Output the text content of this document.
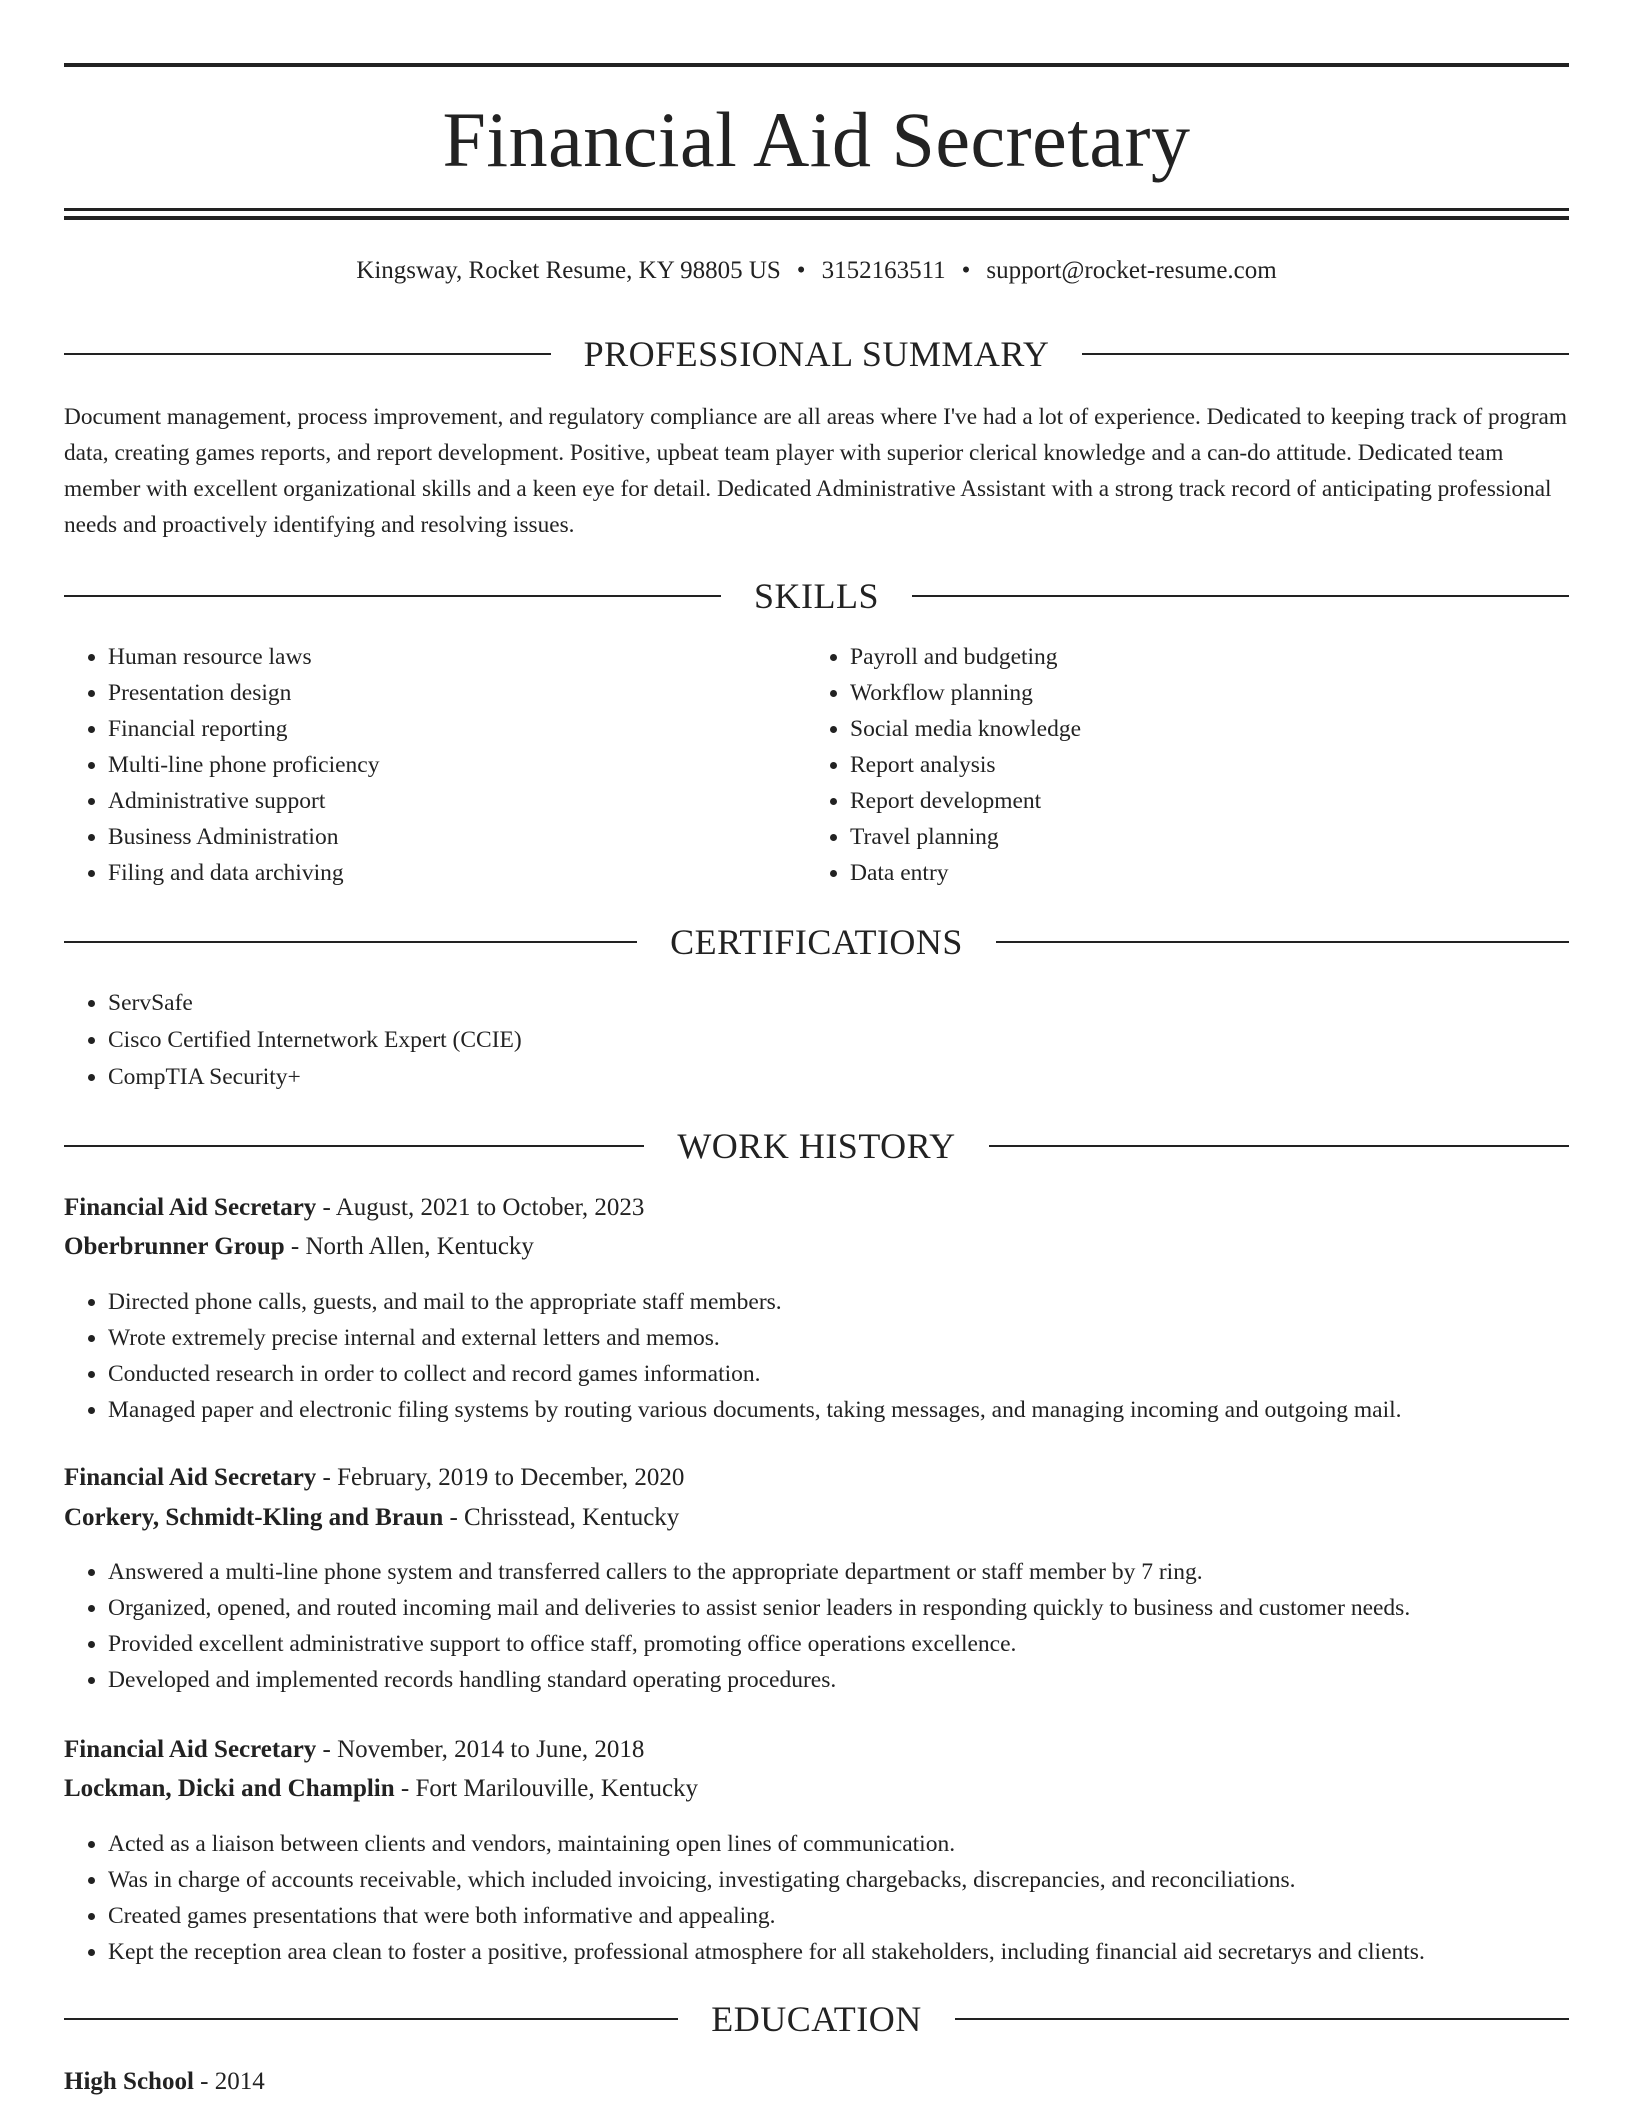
Financial Aid Secretary
Kingsway, Rocket Resume, KY 98805 US • 3152163511 • support@rocket-resume.com
PROFESSIONAL SUMMARY

Document management, process improvement, and regulatory compliance are all areas where I've had a lot of experience. Dedicated to keeping track of program data, creating games reports, and report development. Positive, upbeat team player with superior clerical knowledge and a can-do attitude. Dedicated team member with excellent organizational skills and a keen eye for detail. Dedicated Administrative Assistant with a strong track record of anticipating professional needs and proactively identifying and resolving issues.

SKILLS
• Human resource laws
• Presentation design
• Financial reporting
• Multi-line phone proficiency
• Administrative support
• Business Administration
• Filing and data archiving
• Payroll and budgeting
• Workflow planning
• Social media knowledge
• Report analysis
• Report development
• Travel planning
• Data entry
CERTIFICATIONS
• ServSafe
• Cisco Certified Internetwork Expert (CCIE)
• CompTIA Security+
WORK HISTORY
Financial Aid Secretary - August, 2021 to October, 2023
Oberbrunner Group - North Allen, Kentucky
• Directed phone calls, guests, and mail to the appropriate staff members.
• Wrote extremely precise internal and external letters and memos.
• Conducted research in order to collect and record games information.
• Managed paper and electronic filing systems by routing various documents, taking messages, and managing incoming and outgoing mail.
Financial Aid Secretary - February, 2019 to December, 2020
Corkery, Schmidt-Kling and Braun - Chrisstead, Kentucky
• Answered a multi-line phone system and transferred callers to the appropriate department or staff member by 7 ring.
• Organized, opened, and routed incoming mail and deliveries to assist senior leaders in responding quickly to business and customer needs.
• Provided excellent administrative support to office staff, promoting office operations excellence.
• Developed and implemented records handling standard operating procedures.
Financial Aid Secretary - November, 2014 to June, 2018
Lockman, Dicki and Champlin - Fort Marilouville, Kentucky
• Acted as a liaison between clients and vendors, maintaining open lines of communication.
• Was in charge of accounts receivable, which included invoicing, investigating chargebacks, discrepancies, and reconciliations.
• Created games presentations that were both informative and appealing.
• Kept the reception area clean to foster a positive, professional atmosphere for all stakeholders, including financial aid secretarys and clients.
EDUCATION
High School - 2014
